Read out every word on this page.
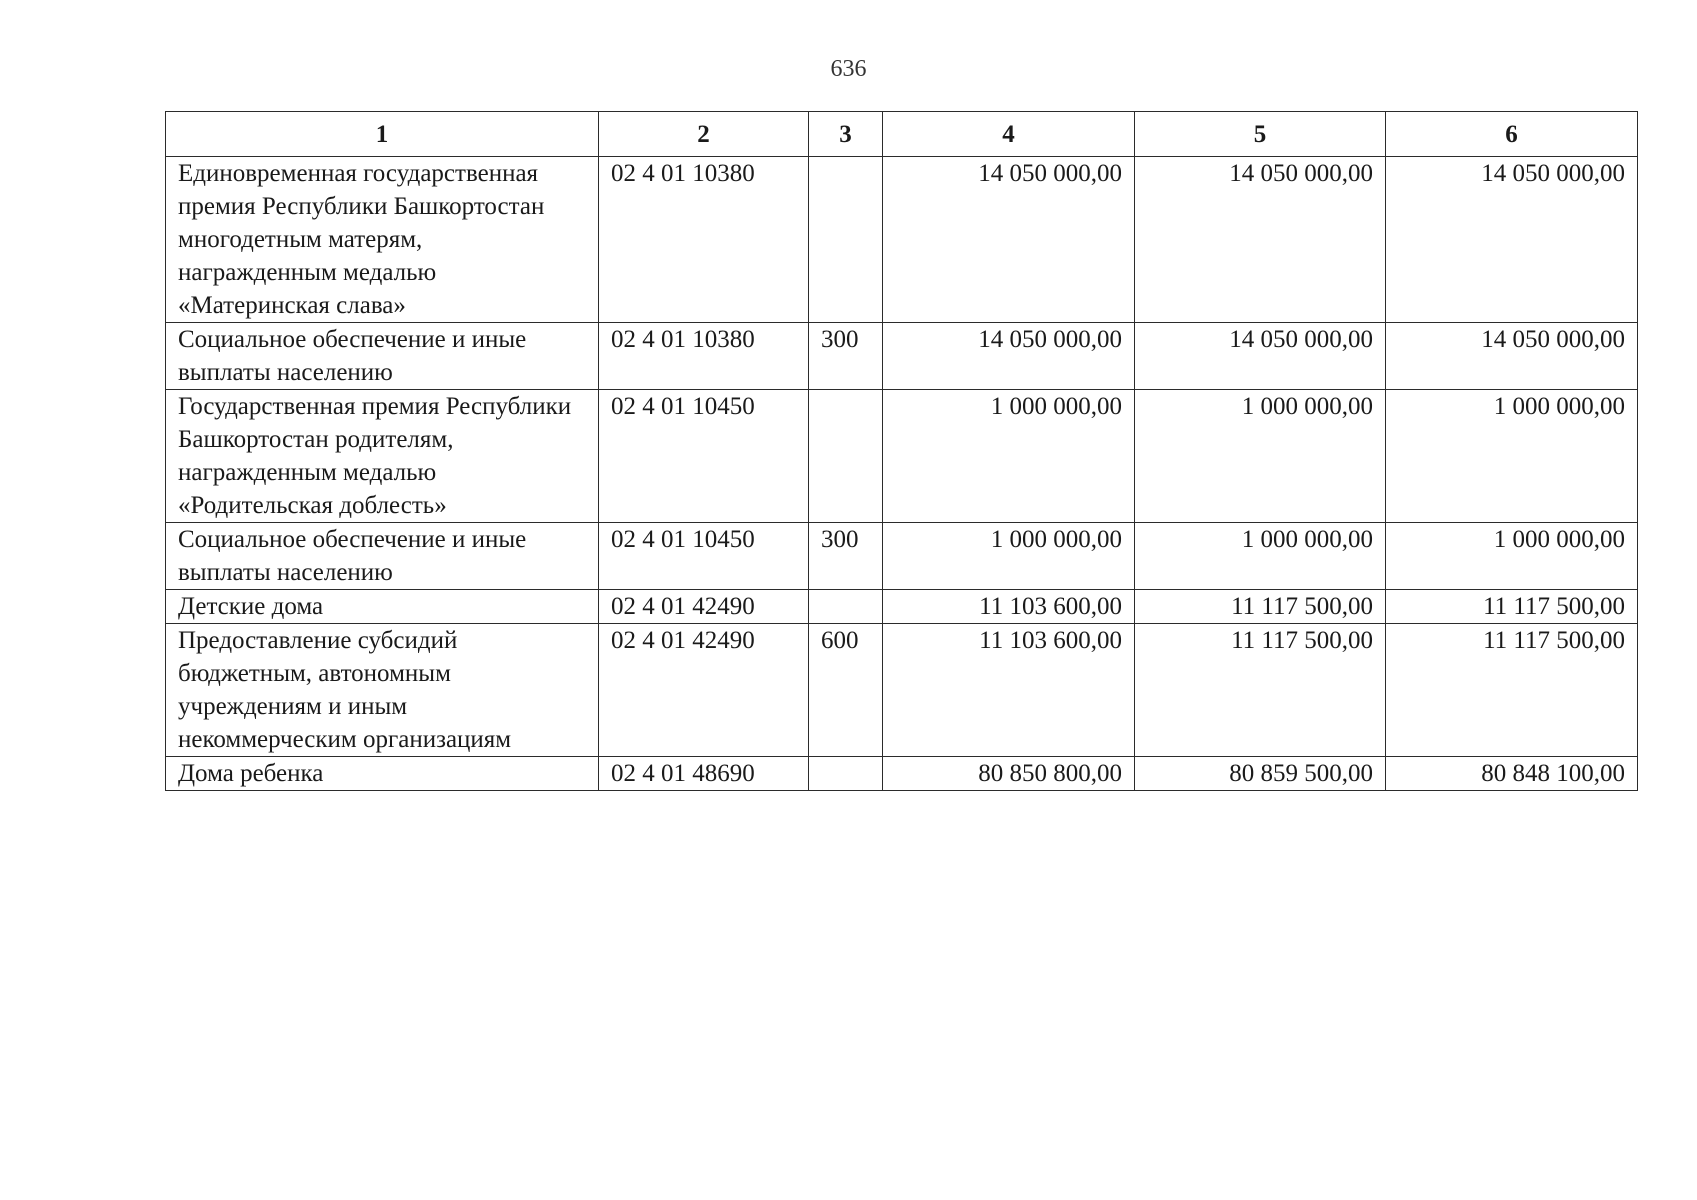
636
1	2	3	4	5	6
Единовременная государственная премия Республики Башкортостан многодетным матерям, награжденным медалью «Материнская слава»	02 4 01 10380		14 050 000,00	14 050 000,00	14 050 000,00
Социальное обеспечение и иные выплаты населению	02 4 01 10380	300	14 050 000,00	14 050 000,00	14 050 000,00
Государственная премия Республики Башкортостан родителям, награжденным медалью «Родительская доблесть»	02 4 01 10450		1 000 000,00	1 000 000,00	1 000 000,00
Социальное обеспечение и иные выплаты населению	02 4 01 10450	300	1 000 000,00	1 000 000,00	1 000 000,00
Детские дома	02 4 01 42490		11 103 600,00	11 117 500,00	11 117 500,00
Предоставление субсидий бюджетным, автономным учреждениям и иным некоммерческим организациям	02 4 01 42490	600	11 103 600,00	11 117 500,00	11 117 500,00
Дома ребенка	02 4 01 48690		80 850 800,00	80 859 500,00	80 848 100,00
